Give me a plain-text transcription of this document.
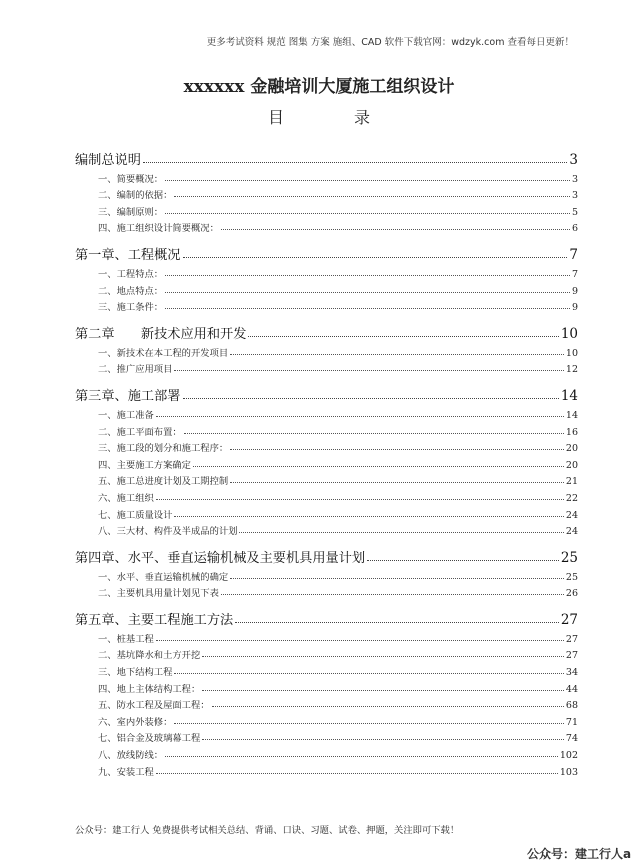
更多考试资料 规范 图集 方案 施组、CAD 软件下载官网：wdzyk.com 查看每日更新！
xxxxxx 金融培训大厦施工组织设计
目录
编制总说明	3
一、简要概况：	3
二、编制的依据：	3
三、编制原则：	5
四、施工组织设计简要概况：	6
第一章、工程概况	7
一、工程特点：	7
二、地点特点：	9
三、施工条件：	9
第二章　　新技术应用和开发	10
一、新技术在本工程的开发项目	10
二、推广应用项目	12
第三章、施工部署	14
一、施工准备	14
二、施工平面布置：	16
三、施工段的划分和施工程序：	20
四、主要施工方案确定	20
五、施工总进度计划及工期控制	21
六、施工组织	22
七、施工质量设计	24
八、三大材、构件及半成品的计划	24
第四章、水平、垂直运输机械及主要机具用量计划	25
一、水平、垂直运输机械的确定	25
二、主要机具用量计划见下表	26
第五章、主要工程施工方法	27
一、桩基工程	27
二、基坑降水和土方开挖	27
三、地下结构工程	34
四、地上主体结构工程：	44
五、防水工程及屋面工程：	68
六、室内外装修：	71
七、铝合金及玻璃幕工程	74
八、放线防线：	102
九、安装工程	103
公众号：建工行人 免费提供考试相关总结、背诵、口诀、习题、试卷、押题，关注即可下载！
公众号：建工行人a
